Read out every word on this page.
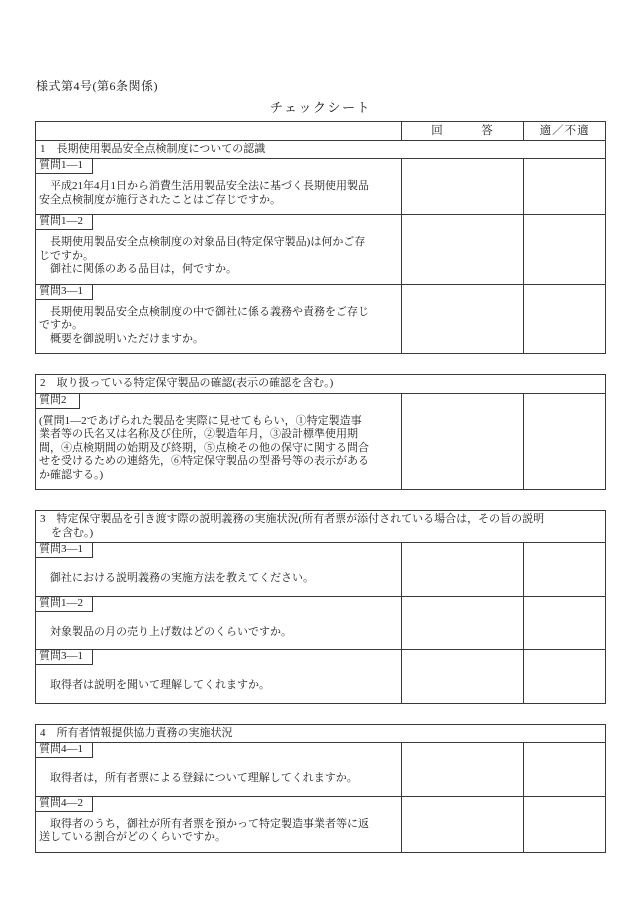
様式第4号(第6条関係)
チェックシート
回　　　答	適／不適
1　長期使用製品安全点検制度についての認識
質問1—1
　平成21年4月1日から消費生活用製品安全法に基づく長期使用製品
安全点検制度が施行されたことはご存じですか。
質問1—2
　長期使用製品安全点検制度の対象品目(特定保守製品)は何かご存
じですか。
　御社に関係のある品目は，何ですか。
質問3—1
　長期使用製品安全点検制度の中で御社に係る義務や責務をご存じ
ですか。
　概要を御説明いただけますか。
2　取り扱っている特定保守製品の確認(表示の確認を含む。)
質問2
(質問1—2であげられた製品を実際に見せてもらい，①特定製造事
業者等の氏名又は名称及び住所，②製造年月，③設計標準使用期
間，④点検期間の始期及び終期，⑤点検その他の保守に関する問合
せを受けるための連絡先，⑥特定保守製品の型番号等の表示がある
か確認する。)
3　特定保守製品を引き渡す際の説明義務の実施状況(所有者票が添付されている場合は，その旨の説明
　を含む。)
質問3—1
　御社における説明義務の実施方法を教えてください。
質問1—2
　対象製品の月の売り上げ数はどのくらいですか。
質問3—1
　取得者は説明を聞いて理解してくれますか。
4　所有者情報提供協力責務の実施状況
質問4—1
　取得者は，所有者票による登録について理解してくれますか。
質問4—2
　取得者のうち，御社が所有者票を預かって特定製造事業者等に返
送している割合がどのくらいですか。
